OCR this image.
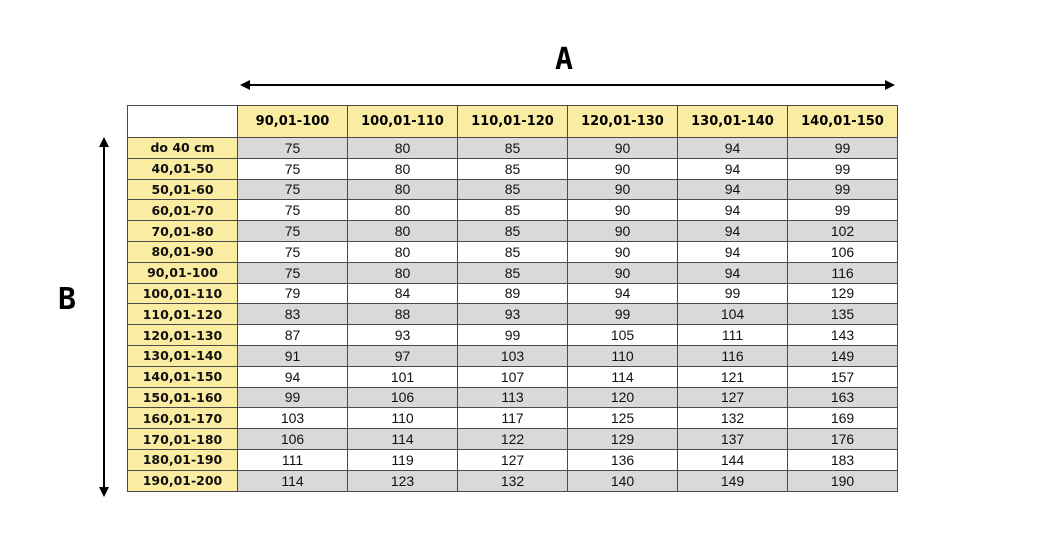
A
B
	90,01-100	100,01-110	110,01-120	120,01-130	130,01-140	140,01-150
do 40 cm	75	80	85	90	94	99
40,01-50	75	80	85	90	94	99
50,01-60	75	80	85	90	94	99
60,01-70	75	80	85	90	94	99
70,01-80	75	80	85	90	94	102
80,01-90	75	80	85	90	94	106
90,01-100	75	80	85	90	94	116
100,01-110	79	84	89	94	99	129
110,01-120	83	88	93	99	104	135
120,01-130	87	93	99	105	111	143
130,01-140	91	97	103	110	116	149
140,01-150	94	101	107	114	121	157
150,01-160	99	106	113	120	127	163
160,01-170	103	110	117	125	132	169
170,01-180	106	114	122	129	137	176
180,01-190	111	119	127	136	144	183
190,01-200	114	123	132	140	149	190
